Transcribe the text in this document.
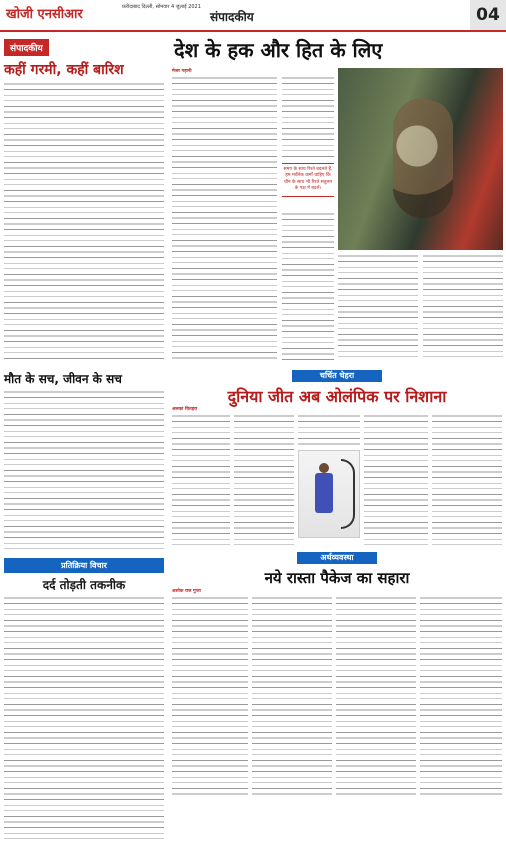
खोजी एनसीआर	फ़रीदाबाद दिल्ली, सोमवार 4 जुलाई 2021
संपादकीय	04
संपादकीय
कहीं गरमी, कहीं बारिश
मौत के सच, जीवन के सच
प्रतिक्रिया विचार
दर्द तोड़ती तकनीक
देश के हक और हित के लिए
मेजर गहानी
समय के साथ रिश्ते बदलते हैं, हम मालिक कर्मों चाहिए कि चीन के साथ भी रिश्ते संतुलन के पक्ष में बदलें।
चर्चित चेहरा
दुनिया जीत अब ओलंपिक पर निशाना
अलका चितहरा
अर्थव्यवस्था
नये रास्ता पैकेज का सहारा
अशोक राज गुप्ता
